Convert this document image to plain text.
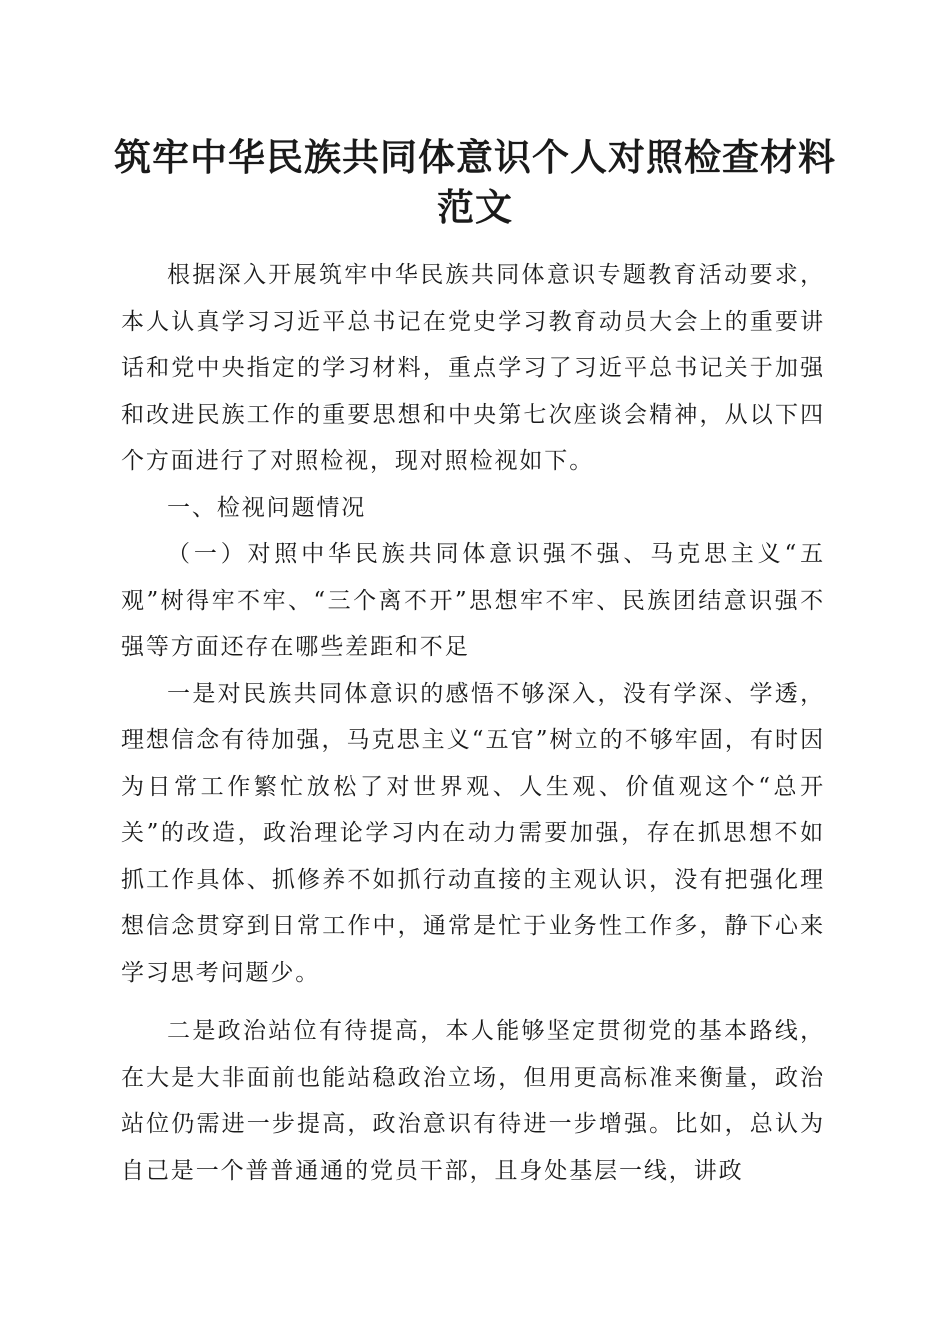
筑牢中华民族共同体意识个人对照检查材料范文

根据深入开展筑牢中华民族共同体意识专题教育活动要求，本人认真学习习近平总书记在党史学习教育动员大会上的重要讲话和党中央指定的学习材料，重点学习了习近平总书记关于加强和改进民族工作的重要思想和中央第七次座谈会精神，从以下四个方面进行了对照检视，现对照检视如下。

一、检视问题情况

（一）对照中华民族共同体意识强不强、马克思主义“五观”树得牢不牢、“三个离不开”思想牢不牢、民族团结意识强不强等方面还存在哪些差距和不足

一是对民族共同体意识的感悟不够深入，没有学深、学透，理想信念有待加强，马克思主义“五官”树立的不够牢固，有时因为日常工作繁忙放松了对世界观、人生观、价值观这个“总开关”的改造，政治理论学习内在动力需要加强，存在抓思想不如抓工作具体、抓修养不如抓行动直接的主观认识，没有把强化理想信念贯穿到日常工作中，通常是忙于业务性工作多，静下心来学习思考问题少。

二是政治站位有待提高，本人能够坚定贯彻党的基本路线，在大是大非面前也能站稳政治立场，但用更高标准来衡量，政治站位仍需进一步提高，政治意识有待进一步增强。比如，总认为自己是一个普普通通的党员干部，且身处基层一线，讲政
